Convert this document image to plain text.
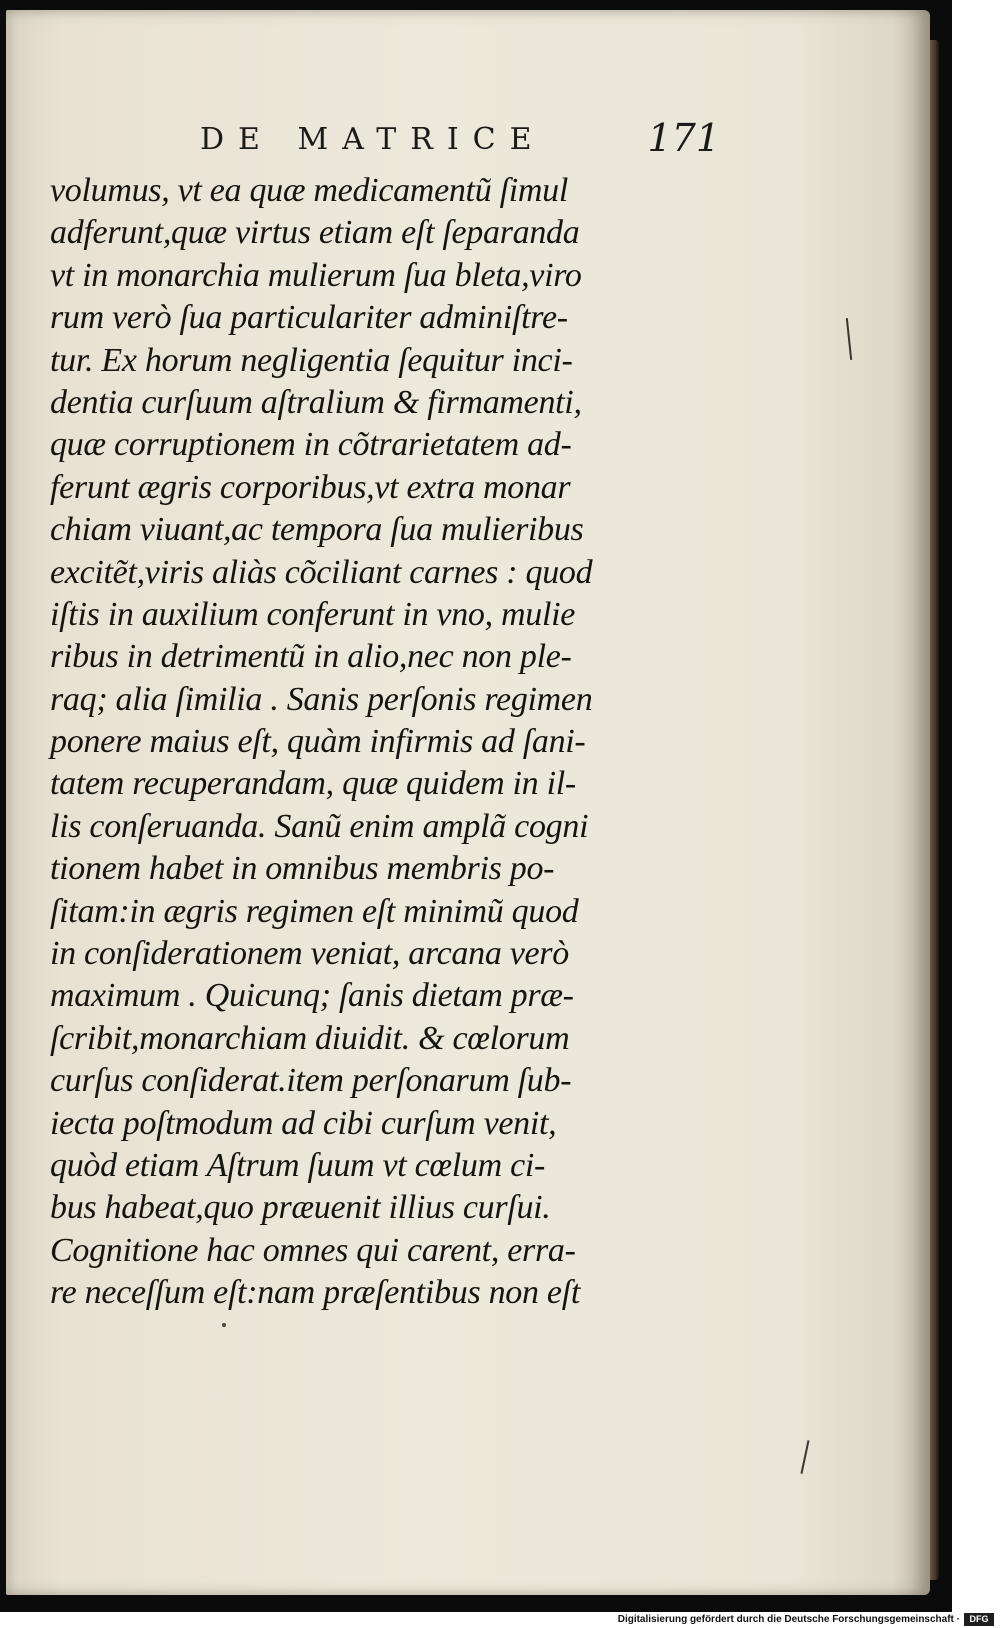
DE MATRICE	171
volumus, vt ea quæ medicamentũ ſimul
adferunt,quæ virtus etiam eſt ſeparanda
vt in monarchia mulierum ſua bleta,viro
rum verò ſua particulariter adminiſtre-
tur. Ex horum negligentia ſequitur inci-
dentia curſuum aſtralium & firmamenti,
quæ corruptionem in cõtrarietatem ad-
ferunt ægris corporibus,vt extra monar
chiam viuant,ac tempora ſua mulieribus
excitẽt,viris aliàs cõciliant carnes : quod
iſtis in auxilium conferunt in vno, mulie
ribus in detrimentũ in alio,nec non ple-
raq; alia ſimilia . Sanis perſonis regimen
ponere maius eſt, quàm infirmis ad ſani-
tatem recuperandam, quæ quidem in il-
lis conſeruanda. Sanũ enim amplã cogni
tionem habet in omnibus membris po-
ſitam:in ægris regimen eſt minimũ quod
in conſiderationem veniat, arcana verò
maximum . Quicunq; ſanis dietam præ-
ſcribit,monarchiam diuidit. & cœlorum
curſus conſiderat.item perſonarum ſub-
iecta poſtmodum ad cibi curſum venit,
quòd etiam Aſtrum ſuum vt cœlum ci-
bus habeat,quo præuenit illius curſui.
Cognitione hac omnes qui carent, erra-
re neceſſum eſt:nam præſentibus non eſt
Digitalisierung gefördert durch die Deutsche Forschungsgemeinschaft ·	DFG
